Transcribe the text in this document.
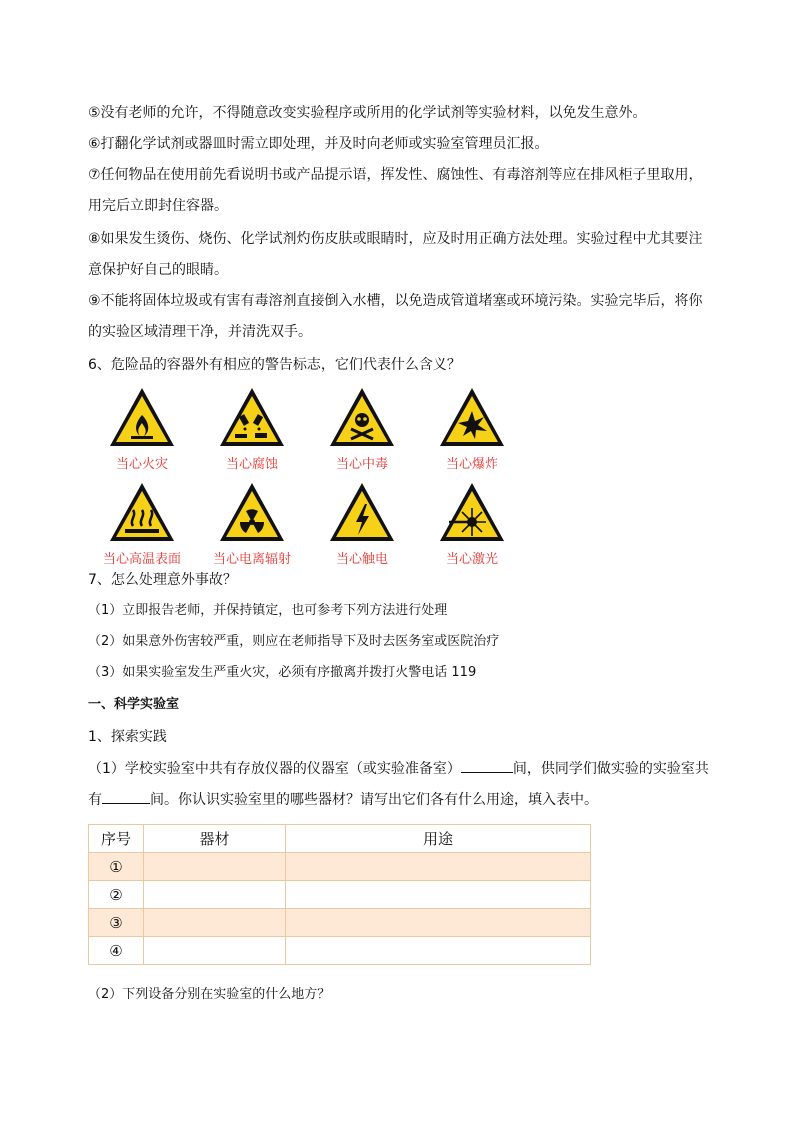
⑤没有老师的允许，不得随意改变实验程序或所用的化学试剂等实验材料，以免发生意外。
⑥打翻化学试剂或器皿时需立即处理，并及时向老师或实验室管理员汇报。
⑦任何物品在使用前先看说明书或产品提示语，挥发性、腐蚀性、有毒溶剂等应在排风柜子里取用，
用完后立即封住容器。
⑧如果发生烫伤、烧伤、化学试剂灼伤皮肤或眼睛时，应及时用正确方法处理。实验过程中尤其要注
意保护好自己的眼睛。
⑨不能将固体垃圾或有害有毒溶剂直接倒入水槽，以免造成管道堵塞或环境污染。实验完毕后，将你
的实验区域清理干净，并清洗双手。
6、危险品的容器外有相应的警告标志，它们代表什么含义？
当心火灾	当心腐蚀	当心中毒	当心爆炸
当心高温表面	当心电离辐射	当心触电	当心激光
7、怎么处理意外事故？
（1）立即报告老师，并保持镇定，也可参考下列方法进行处理
（2）如果意外伤害较严重，则应在老师指导下及时去医务室或医院治疗
（3）如果实验室发生严重火灾，必须有序撤离并拨打火警电话 119
一、科学实验室
1、探索实践
（1）学校实验室中共有存放仪器的仪器室（或实验准备室）	间，供同学们做实验的实验室共
有	间。你认识实验室里的哪些器材？请写出它们各有什么用途，填入表中。
序号	器材	用途
①		
②		
③		
④		
（2）下列设备分别在实验室的什么地方？
